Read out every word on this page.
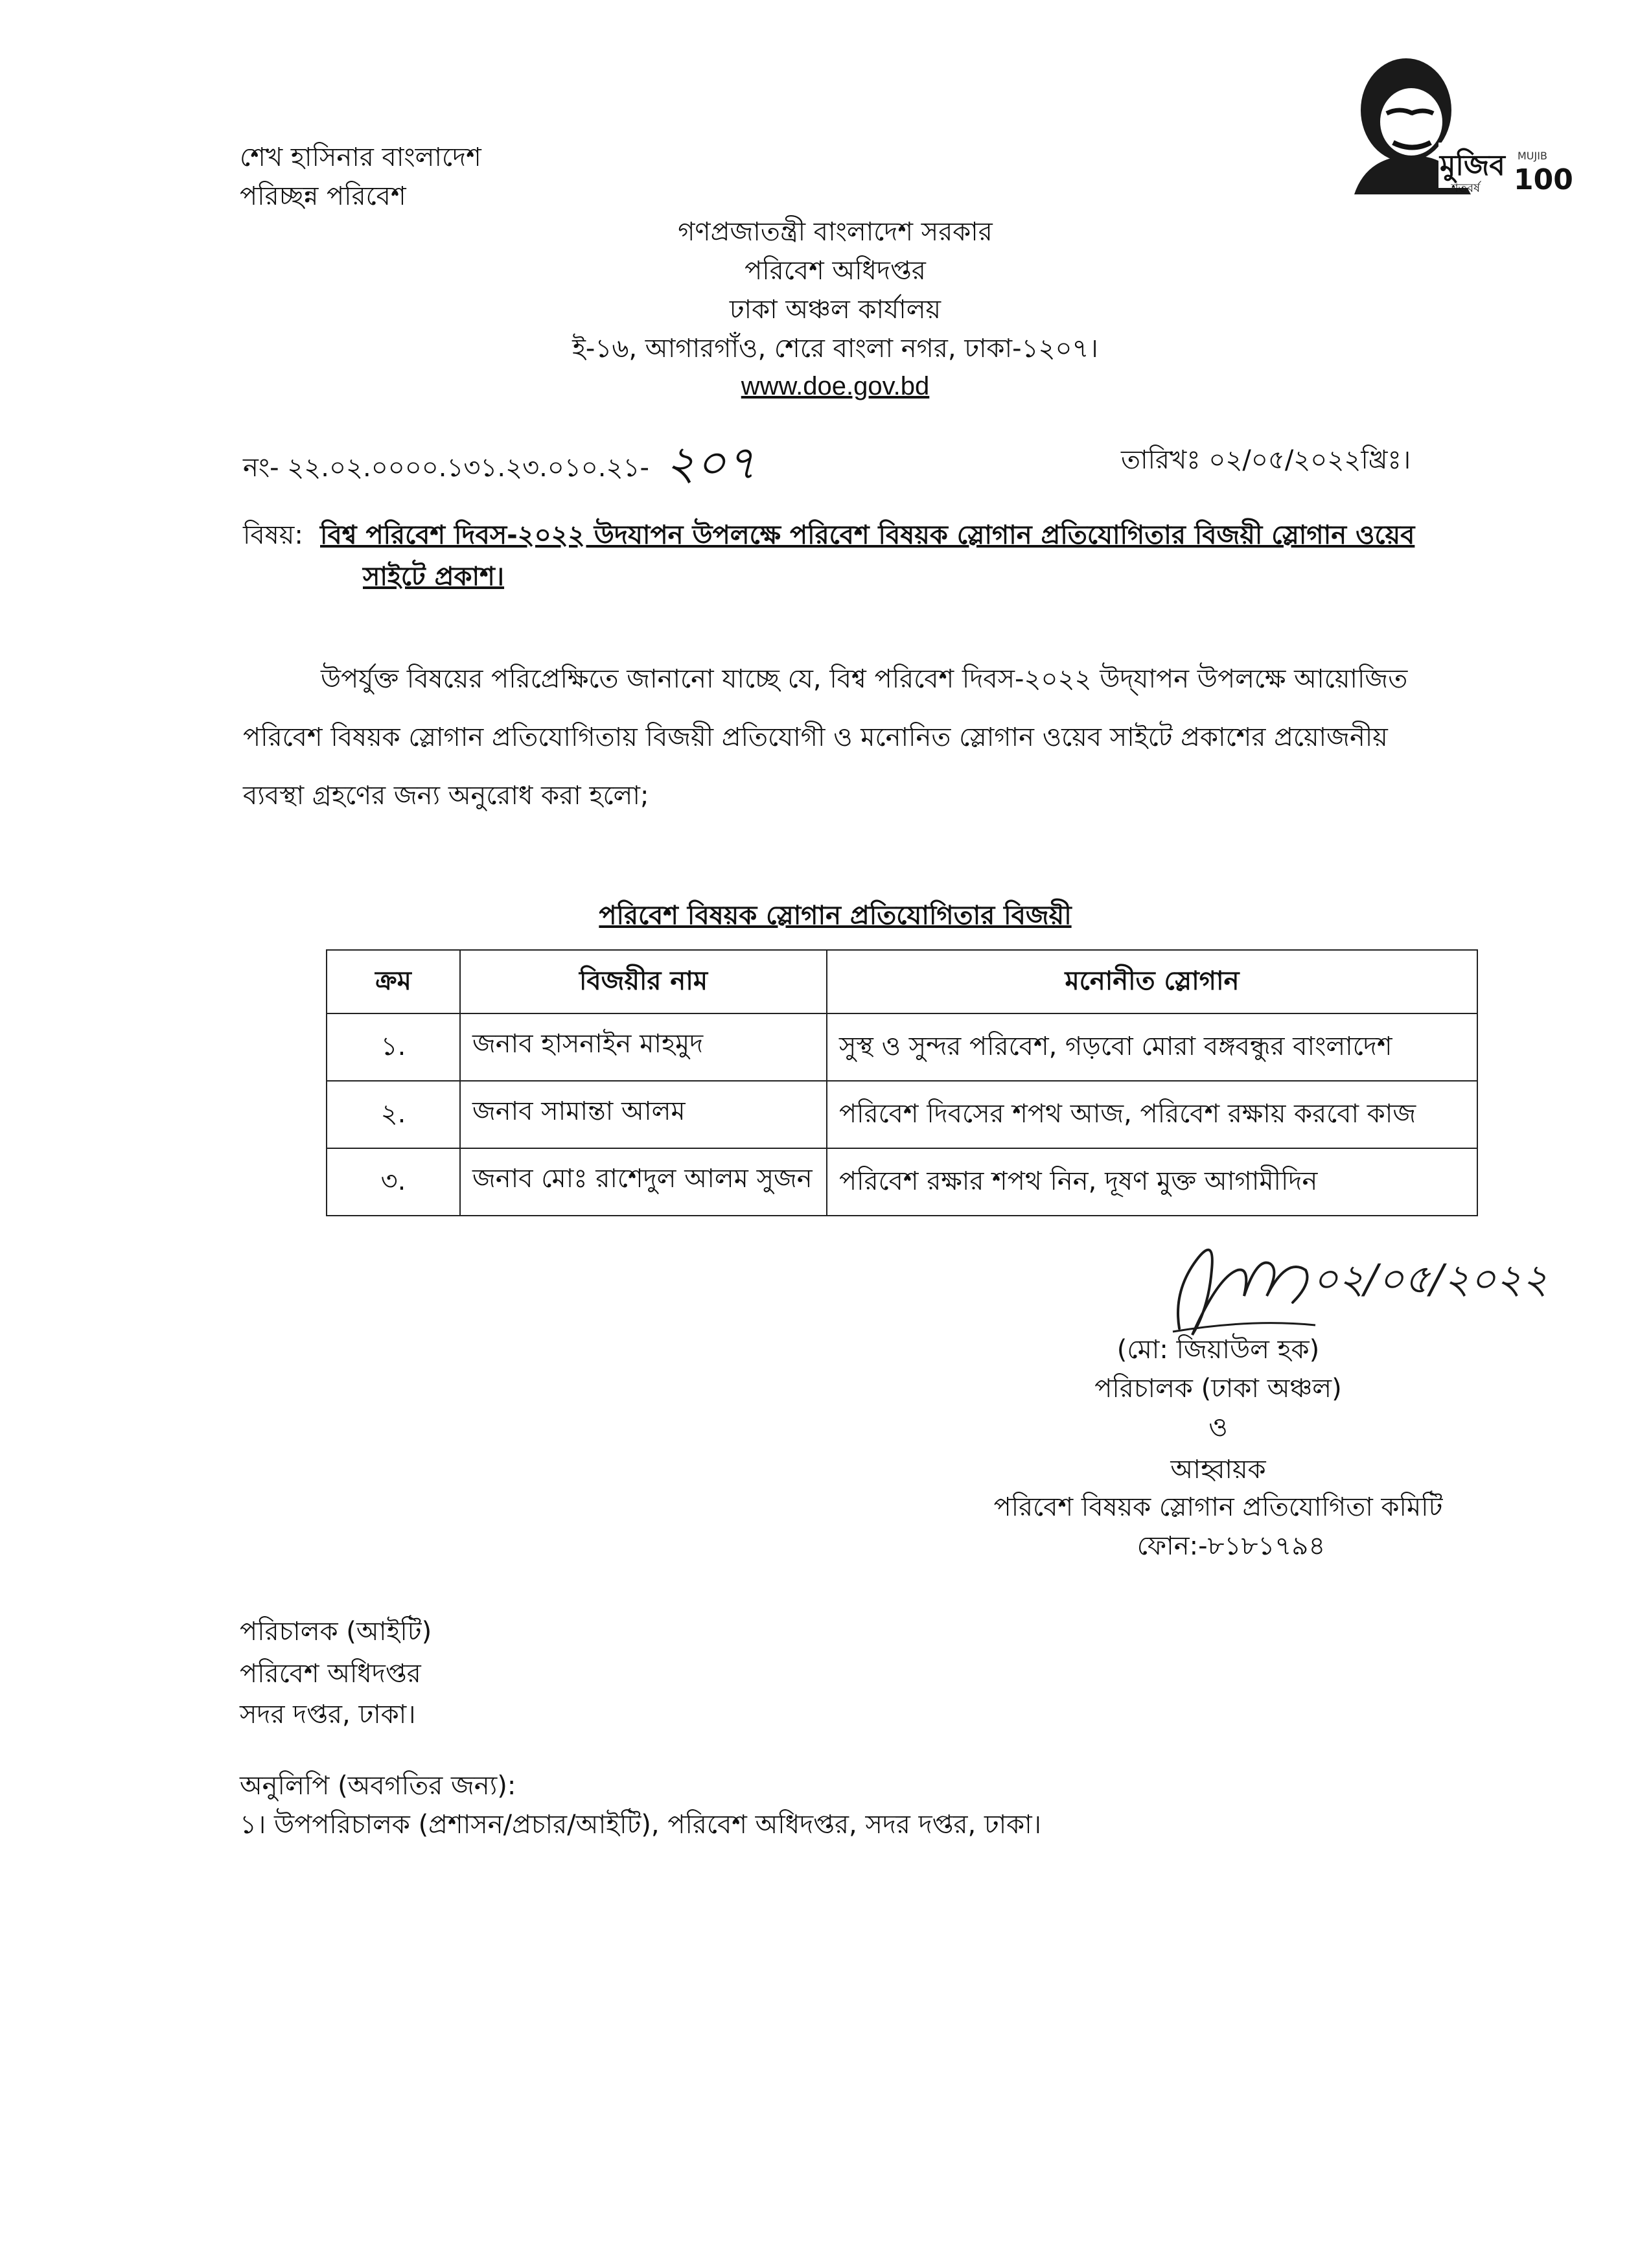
শেখ হাসিনার বাংলাদেশ
পরিচ্ছন্ন পরিবেশ
মুজিব
শতবর্ষ
MUJIB
100
গণপ্রজাতন্ত্রী বাংলাদেশ সরকার
পরিবেশ অধিদপ্তর
ঢাকা অঞ্চল কার্যালয়
ই-১৬, আগারগাঁও, শেরে বাংলা নগর, ঢাকা-১২০৭।
www.doe.gov.bd
নং- ২২.০২.০০০০.১৩১.২৩.০১০.২১- ২০৭	তারিখঃ ০২/০৫/২০২২খ্রিঃ।
বিষয়: বিশ্ব পরিবেশ দিবস-২০২২ উদযাপন উপলক্ষে পরিবেশ বিষয়ক স্লোগান প্রতিযোগিতার বিজয়ী স্লোগান ওয়েব
সাইটে প্রকাশ।
উপর্যুক্ত বিষয়ের পরিপ্রেক্ষিতে জানানো যাচ্ছে যে, বিশ্ব পরিবেশ দিবস-২০২২ উদ্‌যাপন উপলক্ষে আয়োজিত
পরিবেশ বিষয়ক স্লোগান প্রতিযোগিতায় বিজয়ী প্রতিযোগী ও মনোনিত স্লোগান ওয়েব সাইটে প্রকাশের প্রয়োজনীয়
ব্যবস্থা গ্রহণের জন্য অনুরোধ করা হলো;
পরিবেশ বিষয়ক স্লোগান প্রতিযোগিতার বিজয়ী
ক্রম	বিজয়ীর নাম	মনোনীত স্লোগান
১.	জনাব হাসনাইন মাহমুদ	সুস্থ ও সুন্দর পরিবেশ, গড়বো মোরা বঙ্গবন্ধুর বাংলাদেশ
২.	জনাব সামান্তা আলম	পরিবেশ দিবসের শপথ আজ, পরিবেশ রক্ষায় করবো কাজ
৩.	জনাব মোঃ রাশেদুল আলম সুজন	পরিবেশ রক্ষার শপথ নিন, দূষণ মুক্ত আগামীদিন
০২/০৫/২০২২
(মো: জিয়াউল হক)
পরিচালক (ঢাকা অঞ্চল)
ও
আহ্বায়ক
পরিবেশ বিষয়ক স্লোগান প্রতিযোগিতা কমিটি
ফোন:-৮১৮১৭৯৪
পরিচালক (আইটি)
পরিবেশ অধিদপ্তর
সদর দপ্তর, ঢাকা।
অনুলিপি (অবগতির জন্য):
১। উপপরিচালক (প্রশাসন/প্রচার/আইটি), পরিবেশ অধিদপ্তর, সদর দপ্তর, ঢাকা।
